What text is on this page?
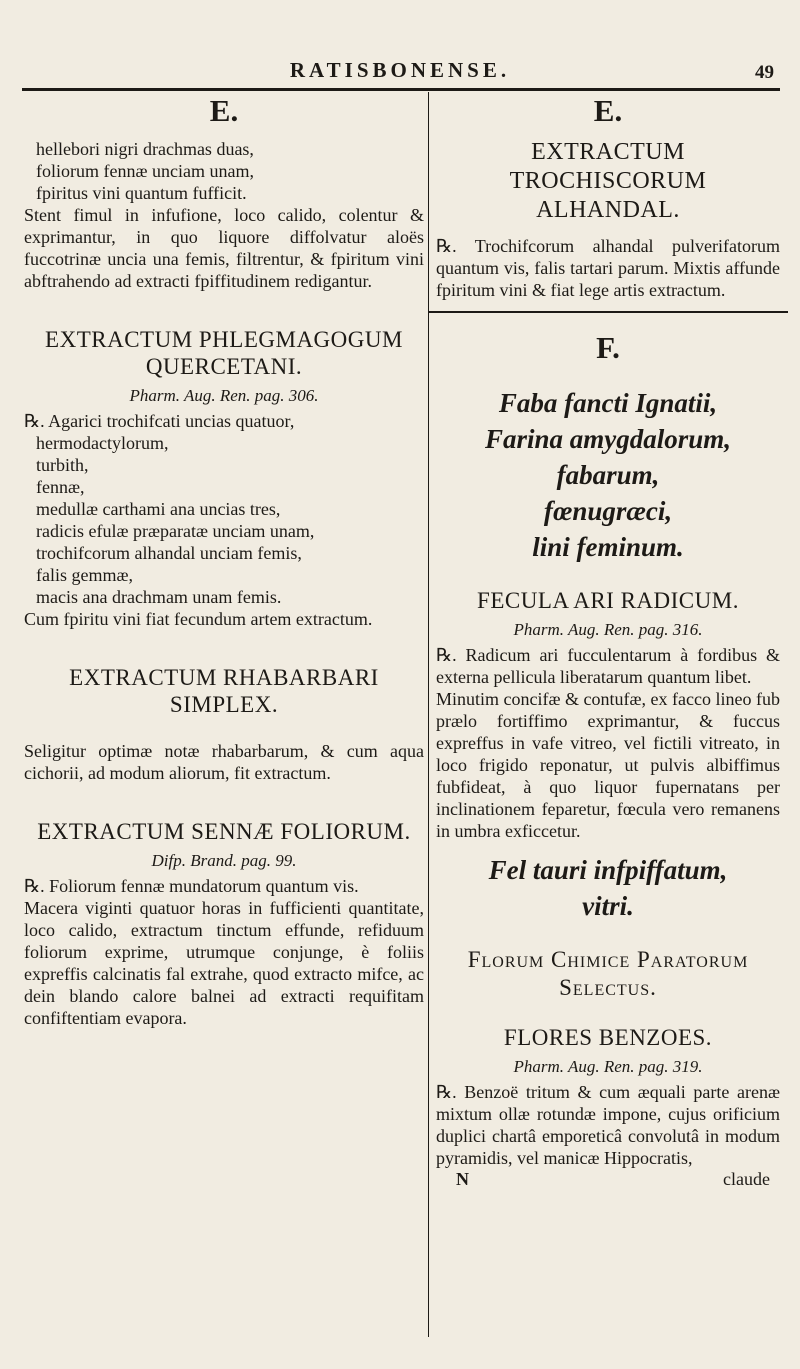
RATISBONENSE.	49
E.

hellebori nigri drachmas duas,

foliorum fennæ unciam unam,

fpiritus vini quantum fufficit.

Stent fimul in infufione, loco calido, colentur & exprimantur, in quo liquore diffolvatur aloës fuccotrinæ uncia una femis, filtrentur, & fpiritum vini abftrahendo ad extracti fpiffitudinem redigantur.

EXTRACTUM PHLEGMAGOGUM QUERCETANI.
Pharm. Aug. Ren. pag. 306.

℞. Agarici trochifcati uncias quatuor,

hermodactylorum,

turbith,

fennæ,

medullæ carthami ana uncias tres,

radicis efulæ præparatæ unciam unam,

trochifcorum alhandal unciam femis,

falis gemmæ,

macis ana drachmam unam femis.

Cum fpiritu vini fiat fecundum artem extractum.

EXTRACTUM RHABARBARI SIMPLEX.

Seligitur optimæ notæ rhabarbarum, & cum aqua cichorii, ad modum aliorum, fit extractum.

EXTRACTUM SENNÆ FOLIORUM.
Difp. Brand. pag. 99.

℞. Foliorum fennæ mundatorum quantum vis.

Macera viginti quatuor horas in fufficienti quantitate, loco calido, extractum tinctum effunde, refiduum foliorum exprime, utrumque conjunge, è foliis expreffis calcinatis fal extrahe, quod extracto mifce, ac dein blando calore balnei ad extracti requifitam confiftentiam evapora.

E.
EXTRACTUM TROCHISCORUM ALHANDAL.

℞. Trochifcorum alhandal pulverifatorum quantum vis, falis tartari parum. Mixtis affunde fpiritum vini & fiat lege artis extractum.

F.
Faba fancti Ignatii,
Farina amygdalorum,
fabarum,
fœnugræci,
lini feminum.
FECULA ARI RADICUM.
Pharm. Aug. Ren. pag. 316.

℞. Radicum ari fucculentarum à fordibus & externa pellicula liberatarum quantum libet.

Minutim concifæ & contufæ, ex facco lineo fub prælo fortiffimo exprimantur, & fuccus expreffus in vafe vitreo, vel fictili vitreato, in loco frigido reponatur, ut pulvis albiffimus fubfideat, à quo liquor fupernatans per inclinationem feparetur, fœcula vero remanens in umbra exficcetur.

Fel tauri infpiffatum,
vitri.
Florum Chimice Paratorum Selectus.
FLORES BENZOES.
Pharm. Aug. Ren. pag. 319.

℞. Benzoë tritum & cum æquali parte arenæ mixtum ollæ rotundæ impone, cujus orificium duplici chartâ emporeticâ convolutâ in modum pyramidis, vel manicæ Hippocratis,

N	claude
